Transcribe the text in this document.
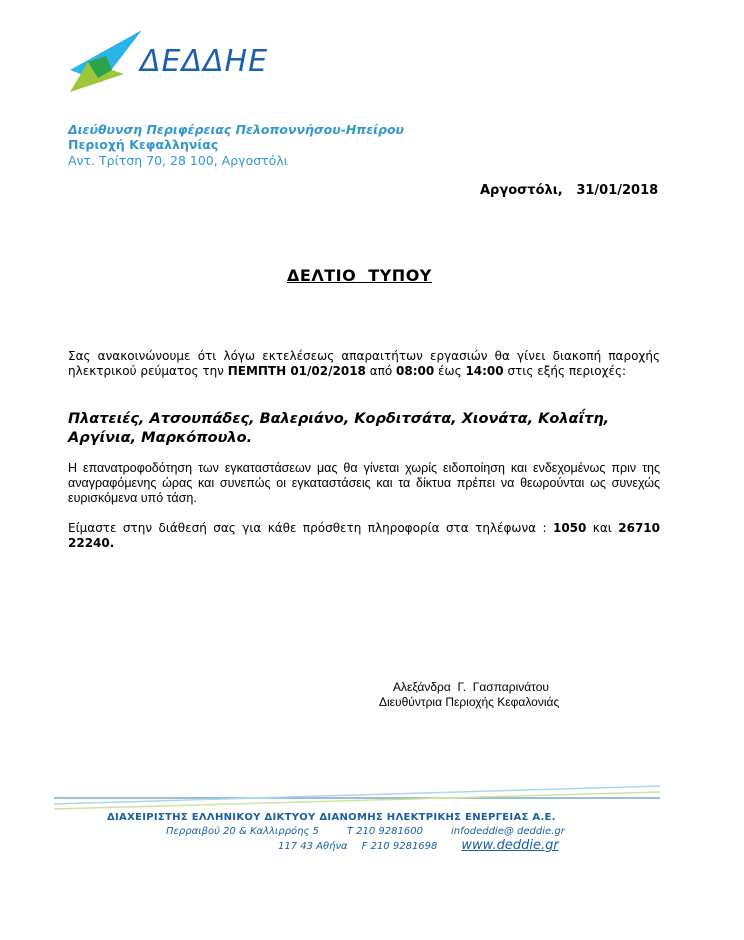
ΔΕΔΔΗΕ
Διεύθυνση Περιφέρειας Πελοποννήσου-Ηπείρου
Περιοχή Κεφαλληνίας
Αντ. Τρίτση 70, 28 100, Αργοστόλι
Αργοστόλι, 31/01/2018
ΔΕΛΤΙΟ  ΤΥΠΟΥ
Σας ανακοινώνουμε ότι λόγω εκτελέσεως απαραιτήτων εργασιών θα γίνει διακοπή παροχής ηλεκτρικού ρεύματος την ΠΕΜΠΤΗ 01/02/2018 από 08:00 έως 14:00 στις εξής περιοχές:
Πλατειές, Ατσουπάδες, Βαλεριάνο, Κορδιτσάτα, Χιονάτα, Κολαΐτη, Αργίνια, Μαρκόπουλο.
Η επανατροφοδότηση των εγκαταστάσεων μας θα γίνεται χωρίς ειδοποίηση και ενδεχομένως πριν της αναγραφόμενης ώρας και συνεπώς οι εγκαταστάσεις και τα δίκτυα πρέπει να θεωρούνται ως συνεχώς ευρισκόμενα υπό τάση.
Είμαστε στην διάθεσή σας για κάθε πρόσθετη πληροφορία στα τηλέφωνα : 1050 και 26710 22240.
Αλεξάνδρα  Γ.  Γασπαρινάτου
Διευθύντρια Περιοχής Κεφαλονιάς
ΔΙΑΧΕΙΡΙΣΤΗΣ ΕΛΛΗΝΙΚΟΥ ΔΙΚΤΥΟΥ ΔΙΑΝΟΜΗΣ ΗΛΕΚΤΡΙΚΗΣ ΕΝΕΡΓΕΙΑΣ Α.Ε.
Περραιβού 20 & Καλλιρρόης 5	T 210 9281600	infodeddie@ deddie.gr
117 43 Αθήνα F 210 9281698 www.deddie.gr
